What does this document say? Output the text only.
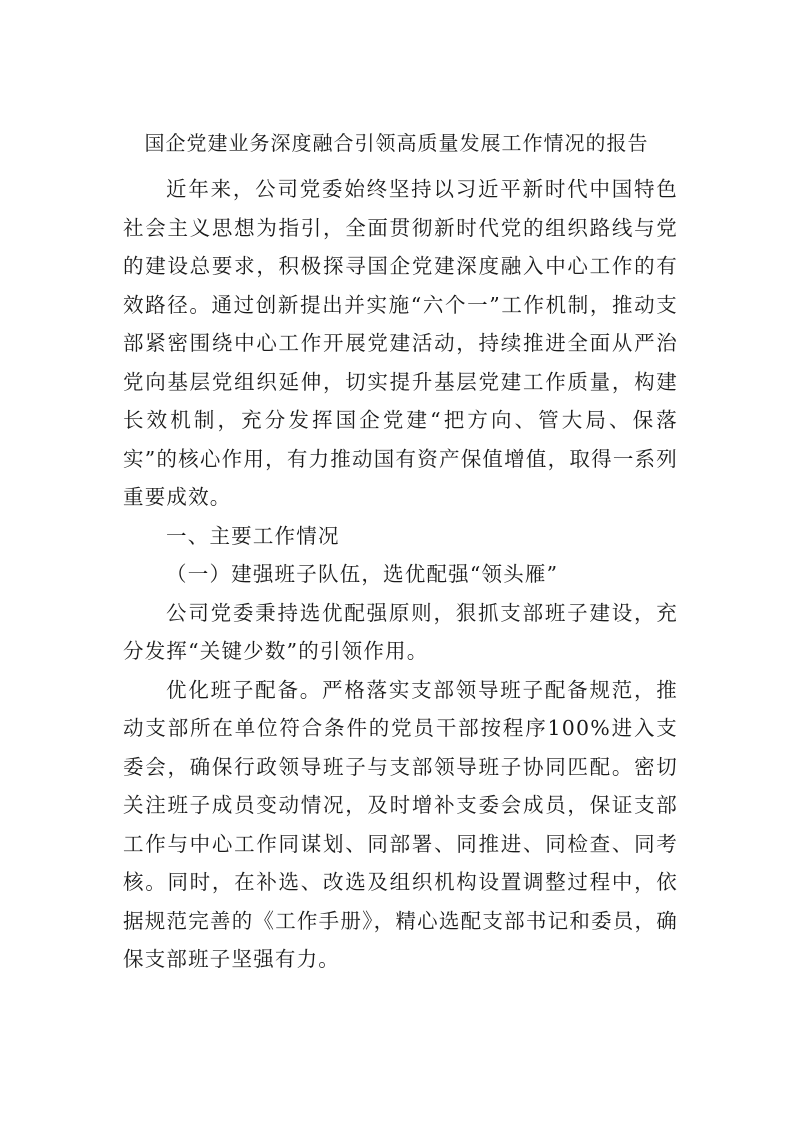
国企党建业务深度融合引领高质量发展工作情况的报告

近年来，公司党委始终坚持以习近平新时代中国特色社会主义思想为指引，全面贯彻新时代党的组织路线与党的建设总要求，积极探寻国企党建深度融入中心工作的有效路径。通过创新提出并实施“六个一”工作机制，推动支部紧密围绕中心工作开展党建活动，持续推进全面从严治党向基层党组织延伸，切实提升基层党建工作质量，构建长效机制，充分发挥国企党建“把方向、管大局、保落实”的核心作用，有力推动国有资产保值增值，取得一系列重要成效。

一、主要工作情况

（一）建强班子队伍，选优配强“领头雁”

公司党委秉持选优配强原则，狠抓支部班子建设，充分发挥“关键少数”的引领作用。

优化班子配备。严格落实支部领导班子配备规范，推动支部所在单位符合条件的党员干部按程序100%进入支委会，确保行政领导班子与支部领导班子协同匹配。密切关注班子成员变动情况，及时增补支委会成员，保证支部工作与中心工作同谋划、同部署、同推进、同检查、同考核。同时，在补选、改选及组织机构设置调整过程中，依据规范完善的《工作手册》，精心选配支部书记和委员，确保支部班子坚强有力。
